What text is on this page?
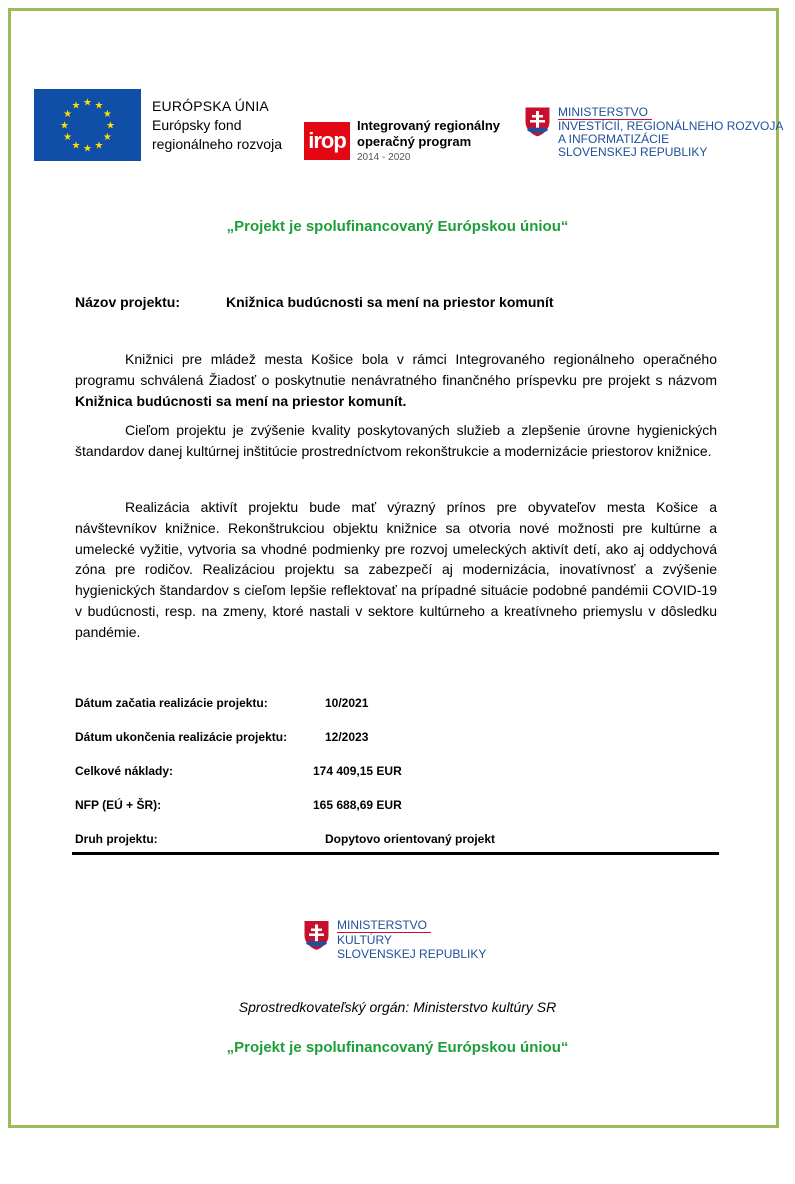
★ ★
★
★
★
★
★
★
★
★
★
★	EURÓPSKA ÚNIA
Európsky fond
regionálneho rozvoja irop
Integrovaný regionálny
operačný program
2014 - 2020
MINISTERSTVO
INVESTÍCIÍ, REGIONÁLNEHO ROZVOJA
A INFORMATIZÁCIE
SLOVENSKEJ REPUBLIKY
„Projekt je spolufinancovaný Európskou úniou“
Názov projektu:	Knižnica budúcnosti sa mení na priestor komunít
Knižnici pre mládež mesta Košice bola v rámci Integrovaného regionálneho operačného programu schválená Žiadosť o poskytnutie nenávratného finančného príspevku pre projekt s názvom Knižnica budúcnosti sa mení na priestor komunít.
Cieľom projektu je zvýšenie kvality poskytovaných služieb a zlepšenie úrovne hygienických štandardov danej kultúrnej inštitúcie prostredníctvom rekonštrukcie a modernizácie priestorov knižnice.
Realizácia aktivít projektu bude mať výrazný prínos pre obyvateľov mesta Košice a návštevníkov knižnice. Rekonštrukciou objektu knižnice sa otvoria nové možnosti pre kultúrne a umelecké vyžitie, vytvoria sa vhodné podmienky pre rozvoj umeleckých aktivít detí, ako aj oddychová zóna pre rodičov. Realizáciou projektu sa zabezpečí aj modernizácia, inovatívnosť a zvýšenie hygienických štandardov s cieľom lepšie reflektovať na prípadné situácie podobné pandémii COVID-19 v budúcnosti, resp. na zmeny, ktoré nastali v sektore kultúrneho a kreatívneho priemyslu v dôsledku pandémie.
Dátum začatia realizácie projektu:	10/2021
Dátum ukončenia realizácie projektu:	12/2023
Celkové náklady:	174 409,15 EUR
NFP (EÚ + ŠR):	165 688,69 EUR
Druh projektu:	Dopytovo orientovaný projekt
MINISTERSTVO
KULTÚRY
SLOVENSKEJ REPUBLIKY
Sprostredkovateľský orgán: Ministerstvo kultúry SR
„Projekt je spolufinancovaný Európskou úniou“
